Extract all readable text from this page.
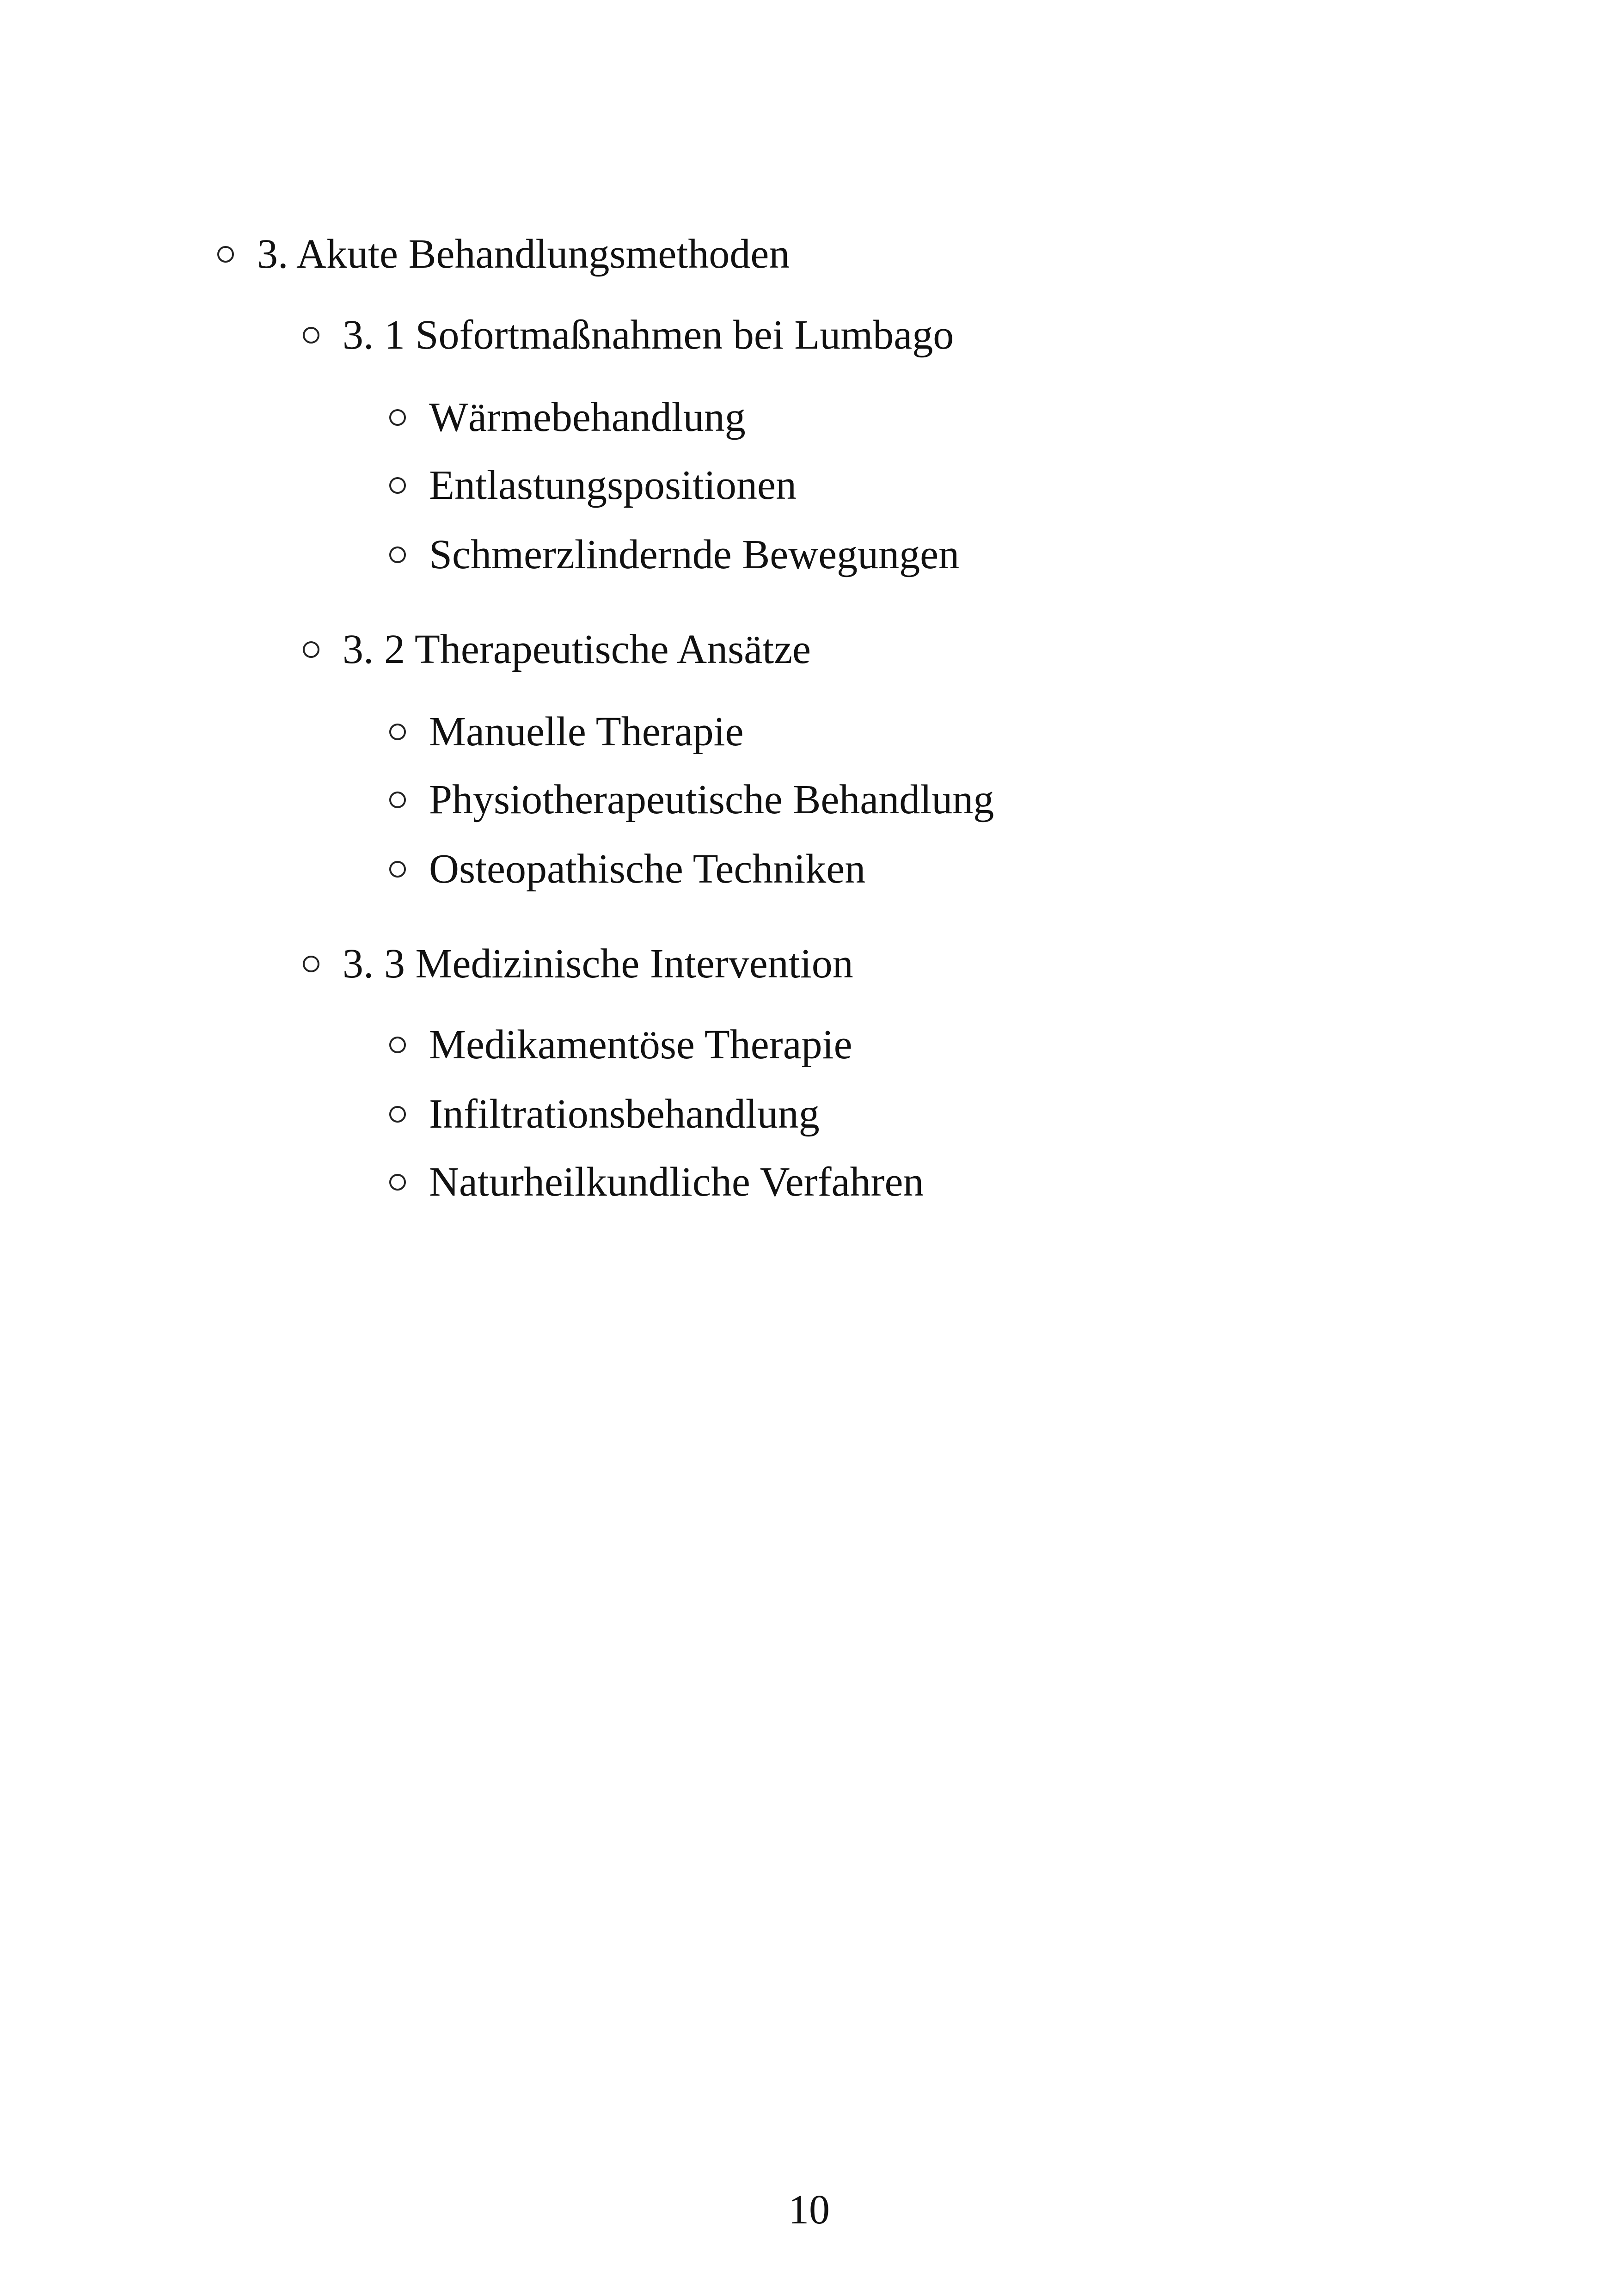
3. Akute Behandlungsmethoden
3. 1 Sofortmaßnahmen bei Lumbago
Wärmebehandlung
Entlastungspositionen
Schmerzlindernde Bewegungen
3. 2 Therapeutische Ansätze
Manuelle Therapie
Physiotherapeutische Behandlung
Osteopathische Techniken
3. 3 Medizinische Intervention
Medikamentöse Therapie
Infiltrationsbehandlung
Naturheilkundliche Verfahren
10
